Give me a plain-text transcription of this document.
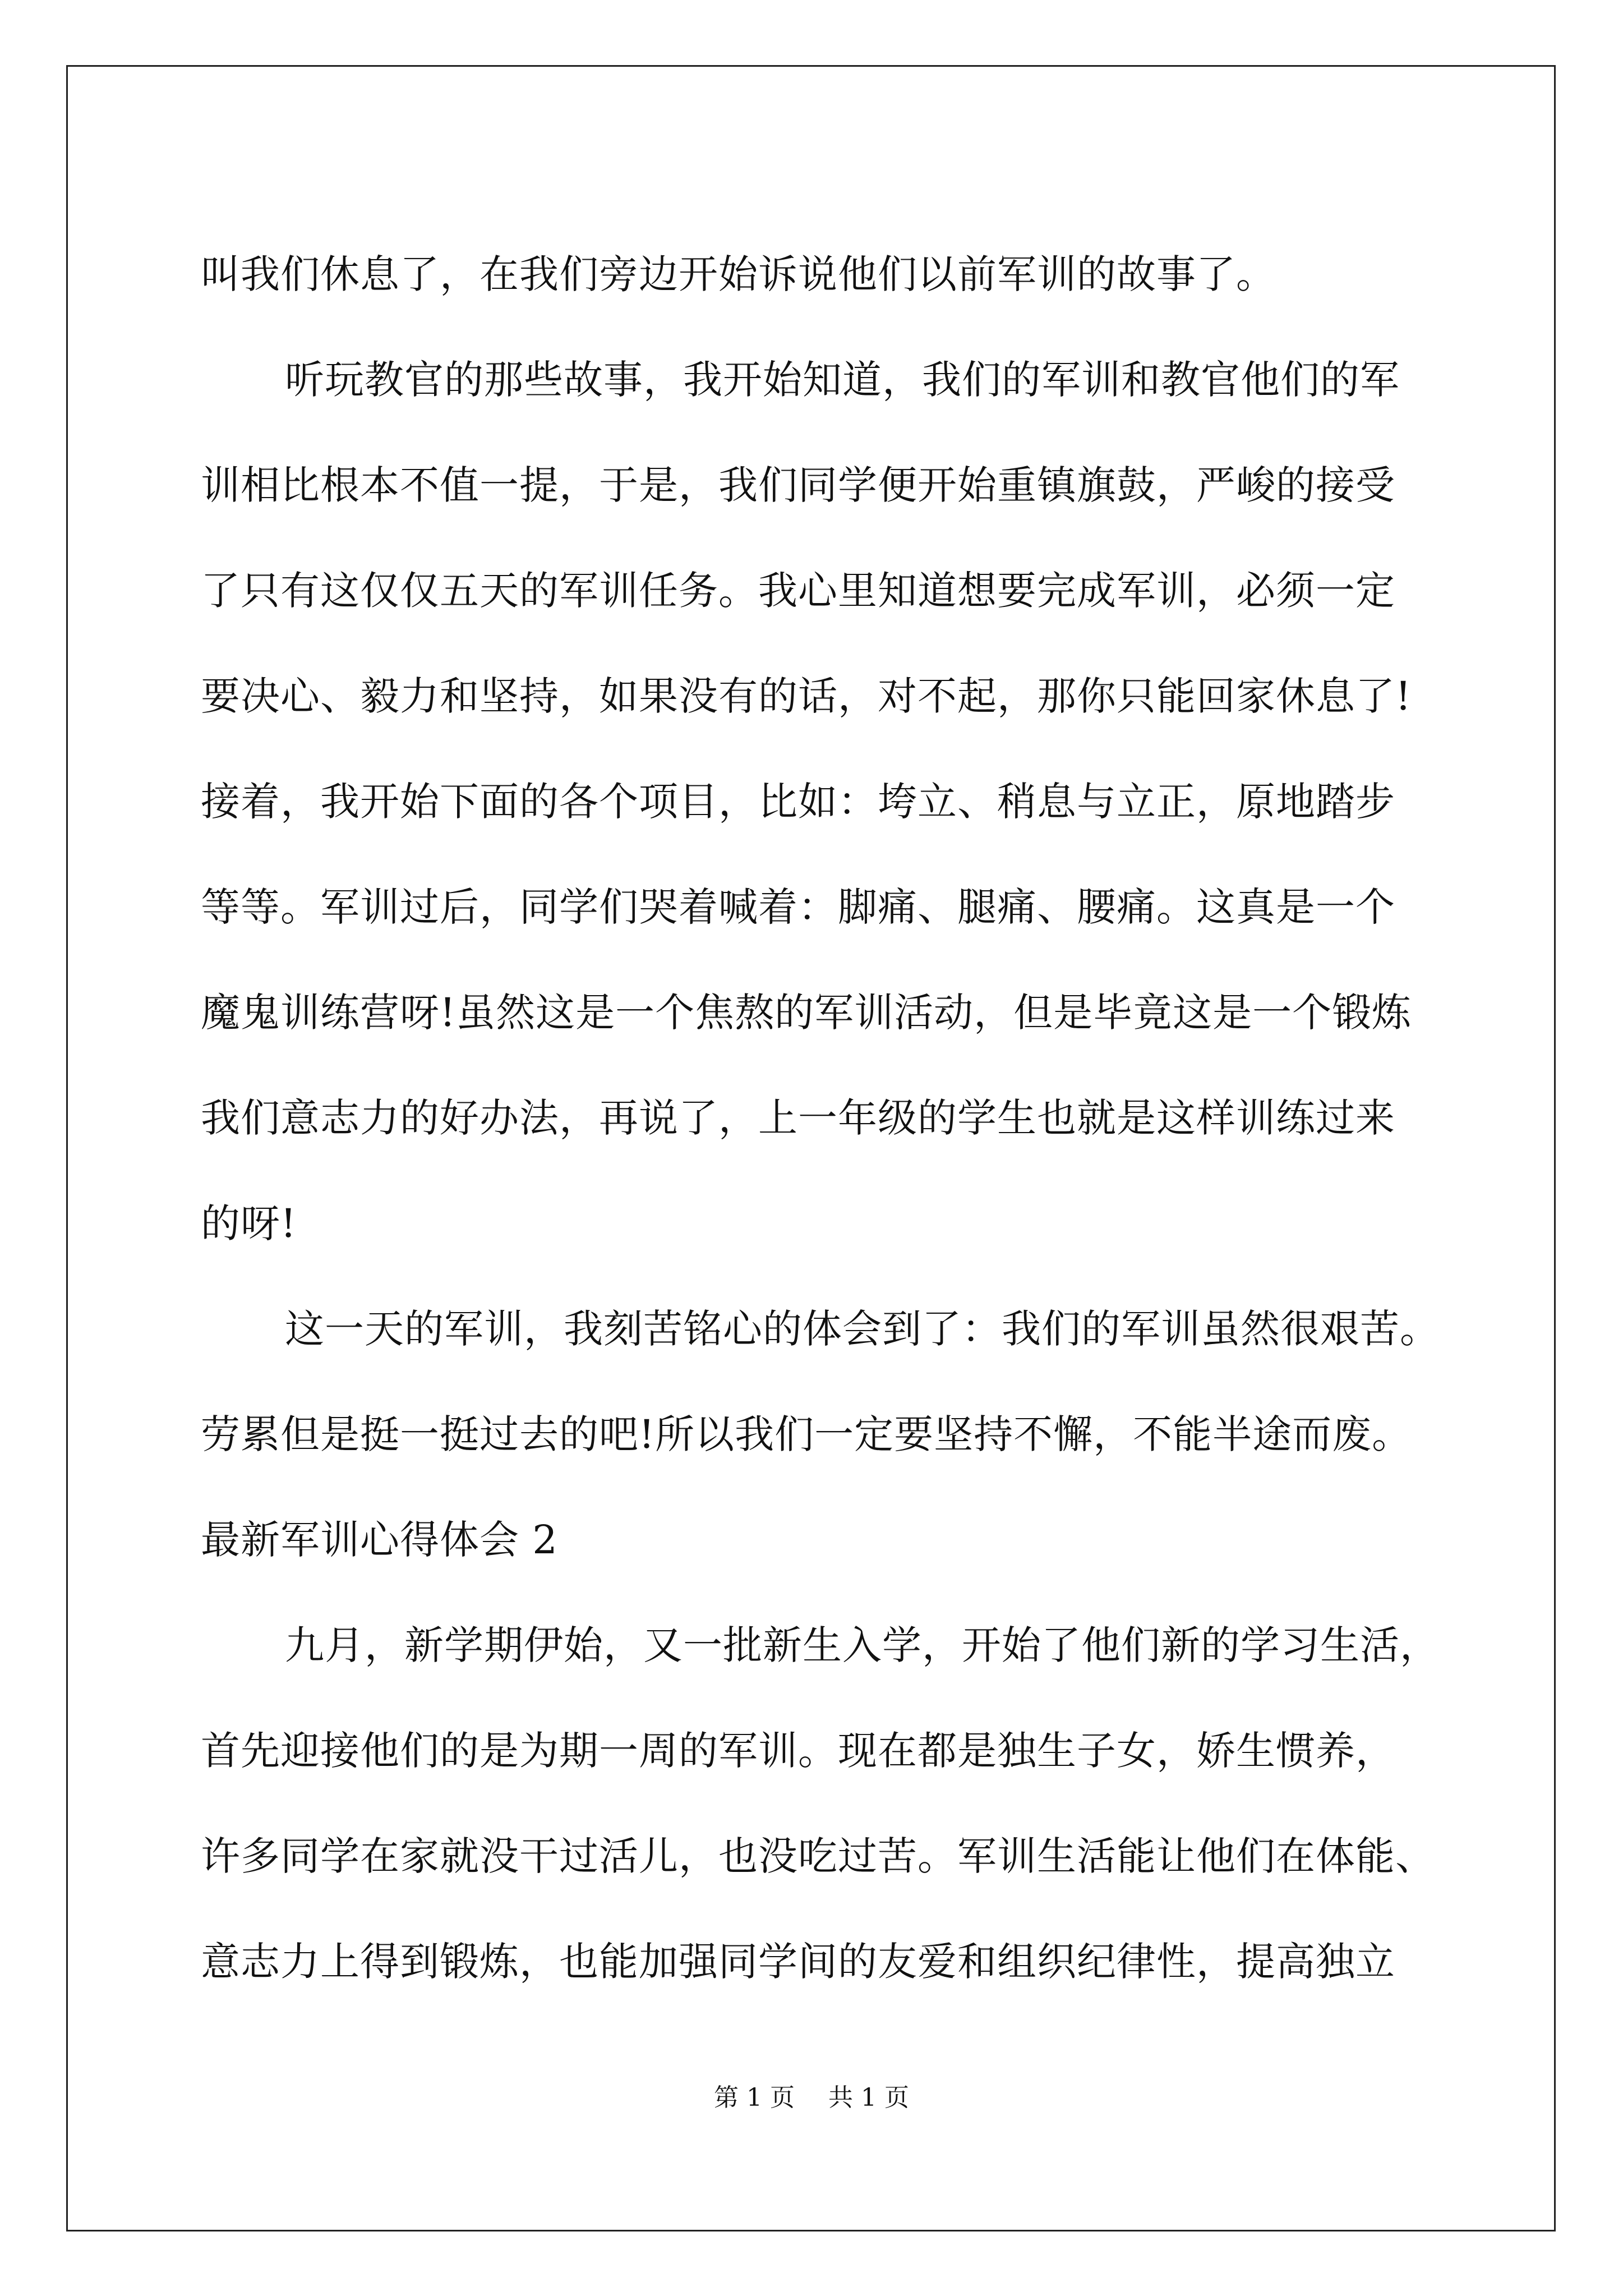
叫我们休息了，在我们旁边开始诉说他们以前军训的故事了。
听玩教官的那些故事，我开始知道，我们的军训和教官他们的军
训相比根本不值一提，于是，我们同学便开始重镇旗鼓，严峻的接受
了只有这仅仅五天的军训任务。我心里知道想要完成军训，必须一定
要决心、毅力和坚持，如果没有的话，对不起，那你只能回家休息了!
接着，我开始下面的各个项目，比如：垮立、稍息与立正，原地踏步
等等。军训过后，同学们哭着喊着：脚痛、腿痛、腰痛。这真是一个
魔鬼训练营呀!虽然这是一个焦熬的军训活动，但是毕竟这是一个锻炼
我们意志力的好办法，再说了，上一年级的学生也就是这样训练过来
的呀!
这一天的军训，我刻苦铭心的体会到了：我们的军训虽然很艰苦。
劳累但是挺一挺过去的吧!所以我们一定要坚持不懈，不能半途而废。
最新军训心得体会 2
九月，新学期伊始，又一批新生入学，开始了他们新的学习生活，
首先迎接他们的是为期一周的军训。现在都是独生子女，娇生惯养，
许多同学在家就没干过活儿，也没吃过苦。军训生活能让他们在体能、
意志力上得到锻炼，也能加强同学间的友爱和组织纪律性，提高独立
第 1 页 共 1 页
